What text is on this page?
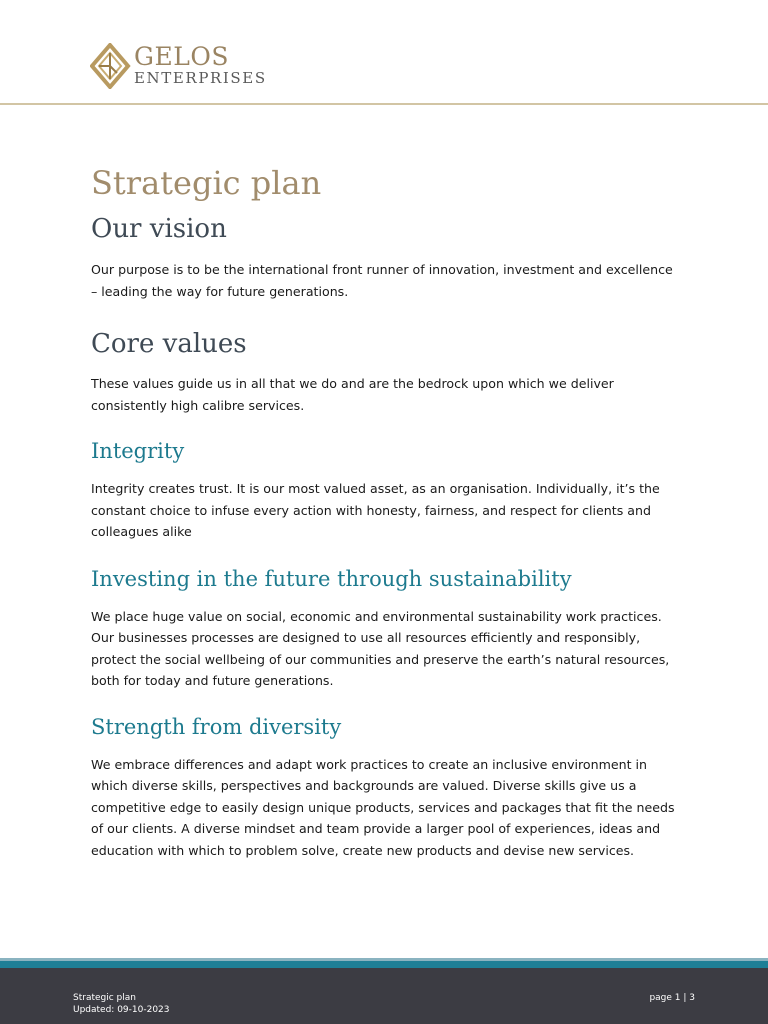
GELOS
ENTERPRISES
Strategic plan
Our vision

Our purpose is to be the international front runner of innovation, investment and excellence – leading the way for future generations.

Core values

These values guide us in all that we do and are the bedrock upon which we deliver consistently high calibre services.

Integrity

Integrity creates trust. It is our most valued asset, as an organisation. Individually, it’s the constant choice to infuse every action with honesty, fairness, and respect for clients and colleagues alike

Investing in the future through sustainability

We place huge value on social, economic and environmental sustainability work practices. Our businesses processes are designed to use all resources efficiently and responsibly, protect the social wellbeing of our communities and preserve the earth’s natural resources, both for today and future generations.

Strength from diversity

We embrace differences and adapt work practices to create an inclusive environment in which diverse skills, perspectives and backgrounds are valued. Diverse skills give us a competitive edge to easily design unique products, services and packages that fit the needs of our clients. A diverse mindset and team provide a larger pool of experiences, ideas and education with which to problem solve, create new products and devise new services.

Strategic plan
Updated: 09-10-2023
page 1 | 3
